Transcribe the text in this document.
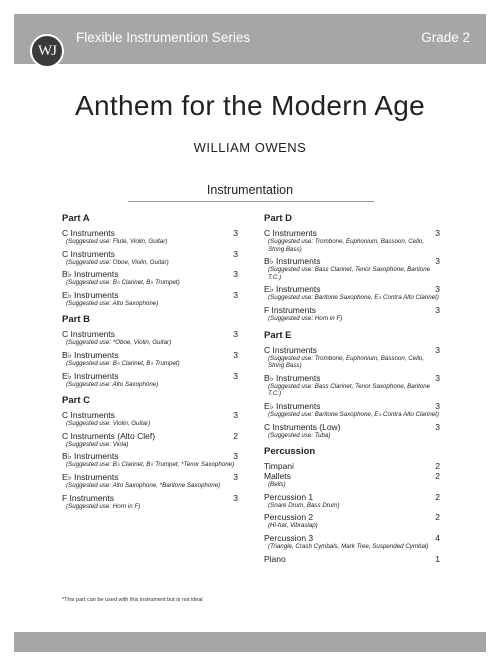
WJ
Flexible Instrumention Series	Grade 2
Anthem for the Modern Age
WILLIAM OWENS
Instrumentation
Part A
C Instruments	3
(Suggested use: Flute, Violin, Guitar)
C Instruments	3
(Suggested use: Oboe, Violin, Guitar)
B♭ Instruments	3
(Suggested use: B♭ Clarinet, B♭ Trumpet)
E♭ Instruments	3
(Suggested use: Alto Saxophone)
Part B
C Instruments	3
(Suggested use: *Oboe, Violin, Guitar)
B♭ Instruments	3
(Suggested use: B♭ Clarinet, B♭ Trumpet)
E♭ Instruments	3
(Suggested use: Alto Saxophone)
Part C
C Instruments	3
(Suggested use: Violin, Guitar)
C Instruments (Alto Clef)	2
(Suggested use: Viola)
B♭ Instruments	3
(Suggested use: B♭ Clarinet, B♭ Trumpet, *Tenor Saxophone)
E♭ Instruments	3
(Suggested use: Alto Saxophone, *Baritone Saxophone)
F Instruments	3
(Suggested use: Horn in F)
Part D
C Instruments	3
(Suggested use: Trombone, Euphonium, Bassoon, Cello, String Bass)
B♭ Instruments	3
(Suggested use: Bass Clarinet, Tenor Saxophone, Baritone T.C.)
E♭ Instruments	3
(Suggested use: Baritone Saxophone, E♭ Contra Alto Clarinet)
F Instruments	3
(Suggested use: Horn in F)
Part E
C Instruments	3
(Suggested use: Trombone, Euphonium, Bassoon, Cello, String Bass)
B♭ Instruments	3
(Suggested use: Bass Clarinet, Tenor Saxophone, Baritone T.C.)
E♭ Instruments	3
(Suggested use: Baritone Saxophone, E♭ Contra Alto Clarinet)
C Instruments (Low)	3
(Suggested use: Tuba)
Percussion
Timpani	2
Mallets	2
(Bells)
Percussion 1	2
(Snare Drum, Bass Drum)
Percussion 2	2
(Hi-hat, Vibraslap)
Percussion 3	4
(Triangle, Crash Cymbals, Mark Tree, Suspended Cymbal)
Piano	1
*This part can be used with this instrument but is not ideal
